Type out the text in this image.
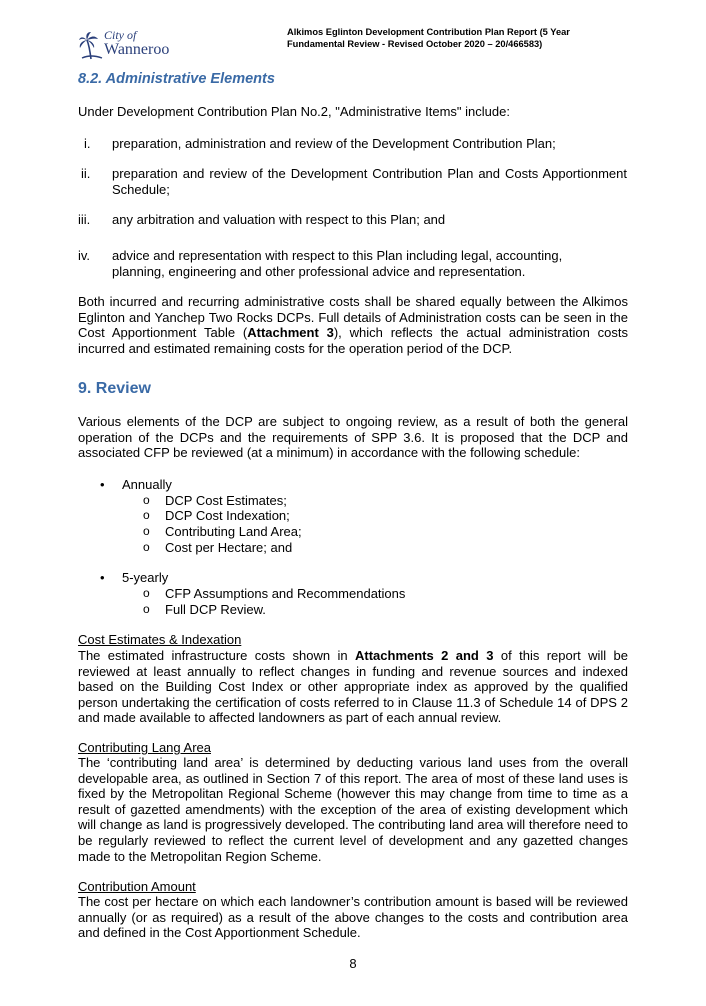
City of
Wanneroo
Alkimos Eglinton Development Contribution Plan Report (5 Year
Fundamental Review - Revised October 2020 – 20/466583)
8.2. Administrative Elements
Under Development Contribution Plan No.2, "Administrative Items" include:
i.	preparation, administration and review of the Development Contribution Plan;
ii.	preparation and review of the Development Contribution Plan and Costs Apportionment Schedule;
iii.	any arbitration and valuation with respect to this Plan; and
iv.	advice and representation with respect to this Plan including legal, accounting, planning, engineering and other professional advice and representation.
Both incurred and recurring administrative costs shall be shared equally between the Alkimos Eglinton and Yanchep Two Rocks DCPs. Full details of Administration costs can be seen in the Cost Apportionment Table (Attachment 3), which reflects the actual administration costs incurred and estimated remaining costs for the operation period of the DCP.
9. Review
Various elements of the DCP are subject to ongoing review, as a result of both the general operation of the DCPs and the requirements of SPP 3.6. It is proposed that the DCP and associated CFP be reviewed (at a minimum) in accordance with the following schedule:
• Annually
o DCP Cost Estimates;
o DCP Cost Indexation;
o Contributing Land Area;
o Cost per Hectare; and
• 5-yearly
o CFP Assumptions and Recommendations
o Full DCP Review.
Cost Estimates & Indexation
The estimated infrastructure costs shown in Attachments 2 and 3 of this report will be reviewed at least annually to reflect changes in funding and revenue sources and indexed based on the Building Cost Index or other appropriate index as approved by the qualified person undertaking the certification of costs referred to in Clause 11.3 of Schedule 14 of DPS 2 and made available to affected landowners as part of each annual review.
Contributing Lang Area
The ‘contributing land area’ is determined by deducting various land uses from the overall developable area, as outlined in Section 7 of this report. The area of most of these land uses is fixed by the Metropolitan Regional Scheme (however this may change from time to time as a result of gazetted amendments) with the exception of the area of existing development which will change as land is progressively developed. The contributing land area will therefore need to be regularly reviewed to reflect the current level of development and any gazetted changes made to the Metropolitan Region Scheme.
Contribution Amount
The cost per hectare on which each landowner’s contribution amount is based will be reviewed annually (or as required) as a result of the above changes to the costs and contribution area and defined in the Cost Apportionment Schedule.
8
